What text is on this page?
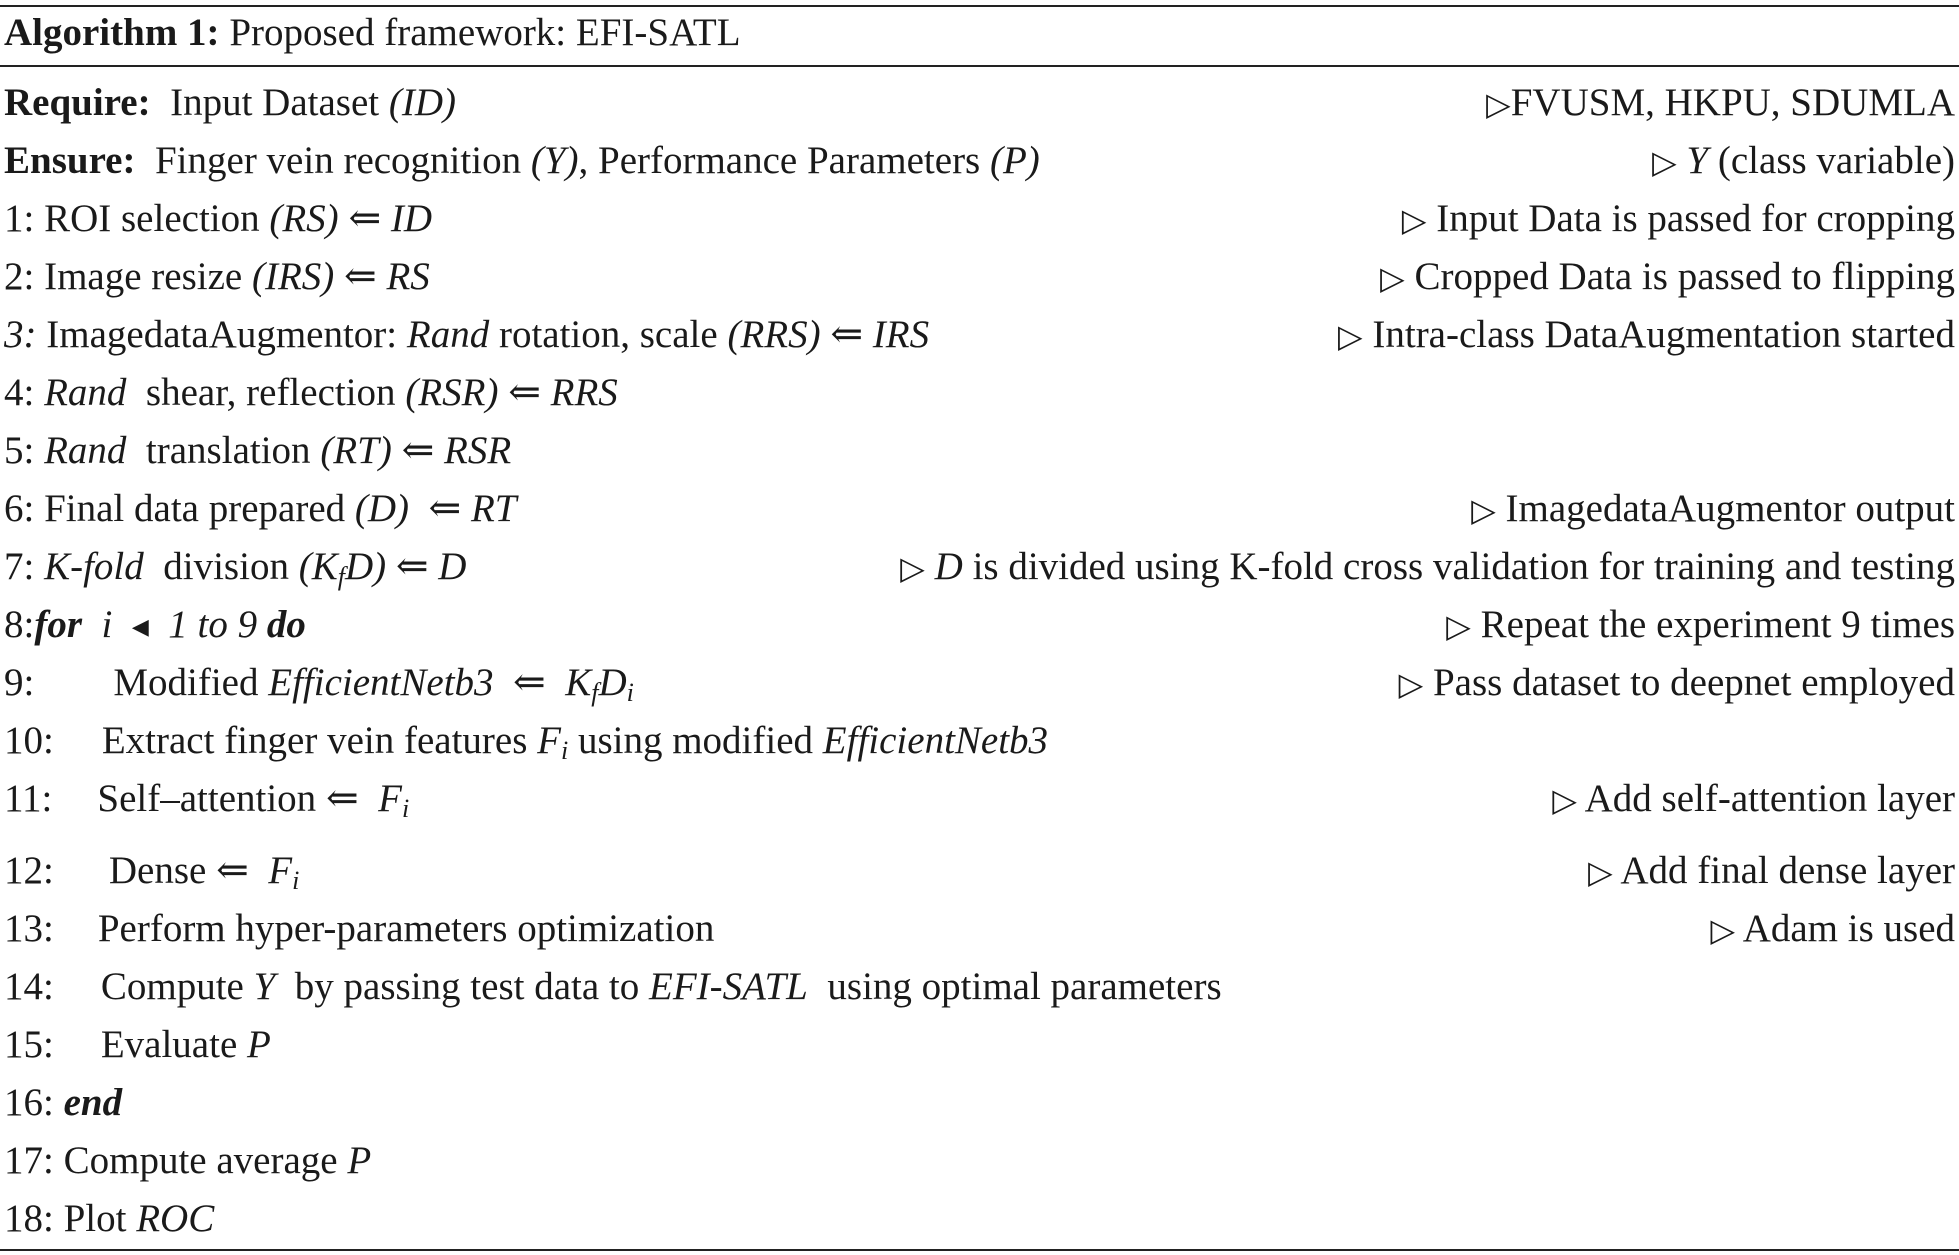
Algorithm 1: Proposed framework: EFI-SATL
Require: Input Dataset (ID)	▷FVUSM, HKPU, SDUMLA
Ensure: Finger vein recognition (Y), Performance Parameters (P)	▷ Y (class variable)
1: ROI selection (RS) ⇐ ID	▷ Input Data is passed for cropping
2: Image resize (IRS) ⇐ RS	▷ Cropped Data is passed to flipping
3: ImagedataAugmentor: Rand rotation, scale (RRS) ⇐ IRS	▷ Intra-class DataAugmentation started
4: Rand shear, reflection (RSR) ⇐ RRS
5: Rand translation (RT) ⇐ RSR
6: Final data prepared (D) ⇐ RT	▷ ImagedataAugmentor output
7: K-fold division $(K_fD)$ ⇐ D	▷ D is divided using K-fold cross validation for training and testing
8:for i ◀ 1 to 9 do	▷ Repeat the experiment 9 times
9: Modified EfficientNetb3 ⇐ $K_fD_i$	▷ Pass dataset to deepnet employed
10: Extract finger vein features $F_i$ using modified EfficientNetb3
11: Self–attention ⇐ $F_i$	▷ Add self-attention layer
12: Dense ⇐ $F_i$	▷ Add final dense layer
13: Perform hyper-parameters optimization	▷ Adam is used
14: Compute Y by passing test data to EFI-SATL using optimal parameters
15: Evaluate P
16: end
17: Compute average P
18: Plot ROC
